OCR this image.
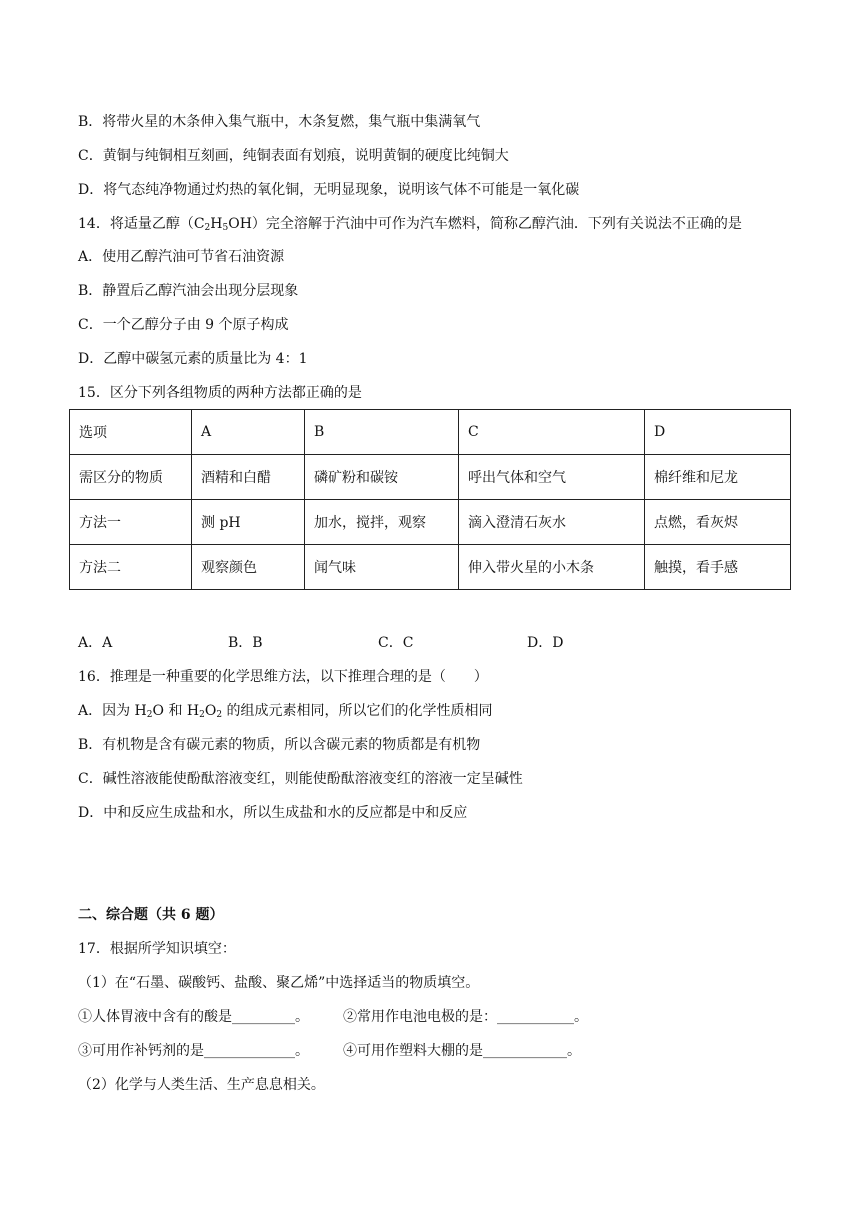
B．将带火星的木条伸入集气瓶中，木条复燃，集气瓶中集满氧气
C．黄铜与纯铜相互刻画，纯铜表面有划痕，说明黄铜的硬度比纯铜大
D．将气态纯净物通过灼热的氧化铜，无明显现象，说明该气体不可能是一氧化碳
14．将适量乙醇$(C_2H_5OH)$完全溶解于汽油中可作为汽车燃料，简称乙醇汽油．下列有关说法不正确的是
A．使用乙醇汽油可节省石油资源
B．静置后乙醇汽油会出现分层现象
C．一个乙醇分子由 9 个原子构成
D．乙醇中碳氢元素的质量比为 4：1
15．区分下列各组物质的两种方法都正确的是
选项	A	B	C	D
需区分的物质	酒精和白醋	磷矿粉和碳铵	呼出气体和空气	棉纤维和尼龙
方法一	测 pH	加水，搅拌，观察	滴入澄清石灰水	点燃，看灰烬
方法二	观察颜色	闻气味	伸入带火星的小木条	触摸，看手感
A．A	B．B	C．C	D．D
16．推理是一种重要的化学思维方法，以下推理合理的是（　　）
A．因为 $H_2O$ 和 $H_2O_2$ 的组成元素相同，所以它们的化学性质相同
B．有机物是含有碳元素的物质，所以含碳元素的物质都是有机物
C．碱性溶液能使酚酞溶液变红，则能使酚酞溶液变红的溶液一定呈碱性
D．中和反应生成盐和水，所以生成盐和水的反应都是中和反应
二、综合题（共 6 题）
17．根据所学知识填空：
（1）在“石墨、碳酸钙、盐酸、聚乙烯”中选择适当的物质填空。
①人体胃液中含有的酸是_________。 ②常用作电池电极的是：___________。
③可用作补钙剂的是_____________。 ④可用作塑料大棚的是____________。
（2）化学与人类生活、生产息息相关。
